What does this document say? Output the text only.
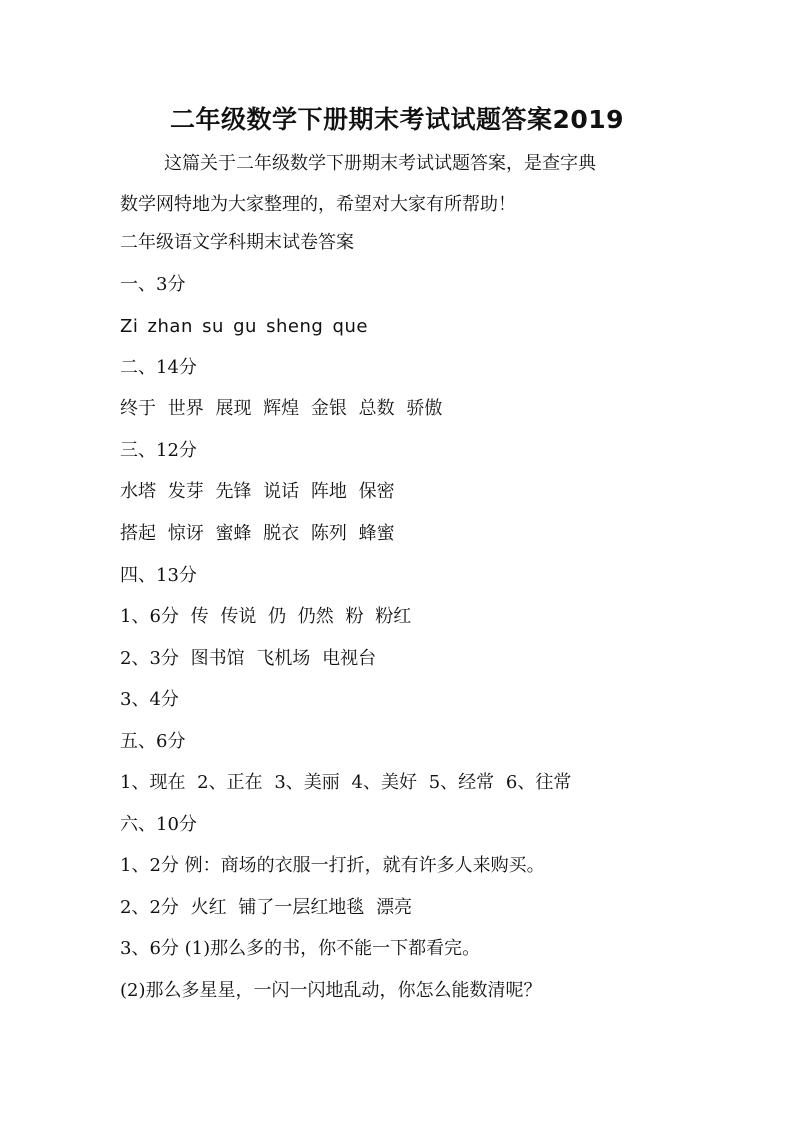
二年级数学下册期末考试试题答案2019

这篇关于二年级数学下册期末考试试题答案，是查字典

数学网特地为大家整理的，希望对大家有所帮助！

二年级语文学科期末试卷答案
一、3分
Zi zhan su gu sheng que
二、14分
终于 世界 展现 辉煌 金银 总数 骄傲
三、12分
水塔 发芽 先锋 说话 阵地 保密
搭起 惊讶 蜜蜂 脱衣 陈列 蜂蜜
四、13分
1、6分 传 传说 仍 仍然 粉 粉红
2、3分 图书馆 飞机场 电视台
3、4分
五、6分
1、现在 2、正在 3、美丽 4、美好 5、经常 6、往常
六、10分
1、2分 例：商场的衣服一打折，就有许多人来购买。
2、2分 火红 铺了一层红地毯 漂亮
3、6分 (1)那么多的书，你不能一下都看完。
(2)那么多星星，一闪一闪地乱动，你怎么能数清呢？
